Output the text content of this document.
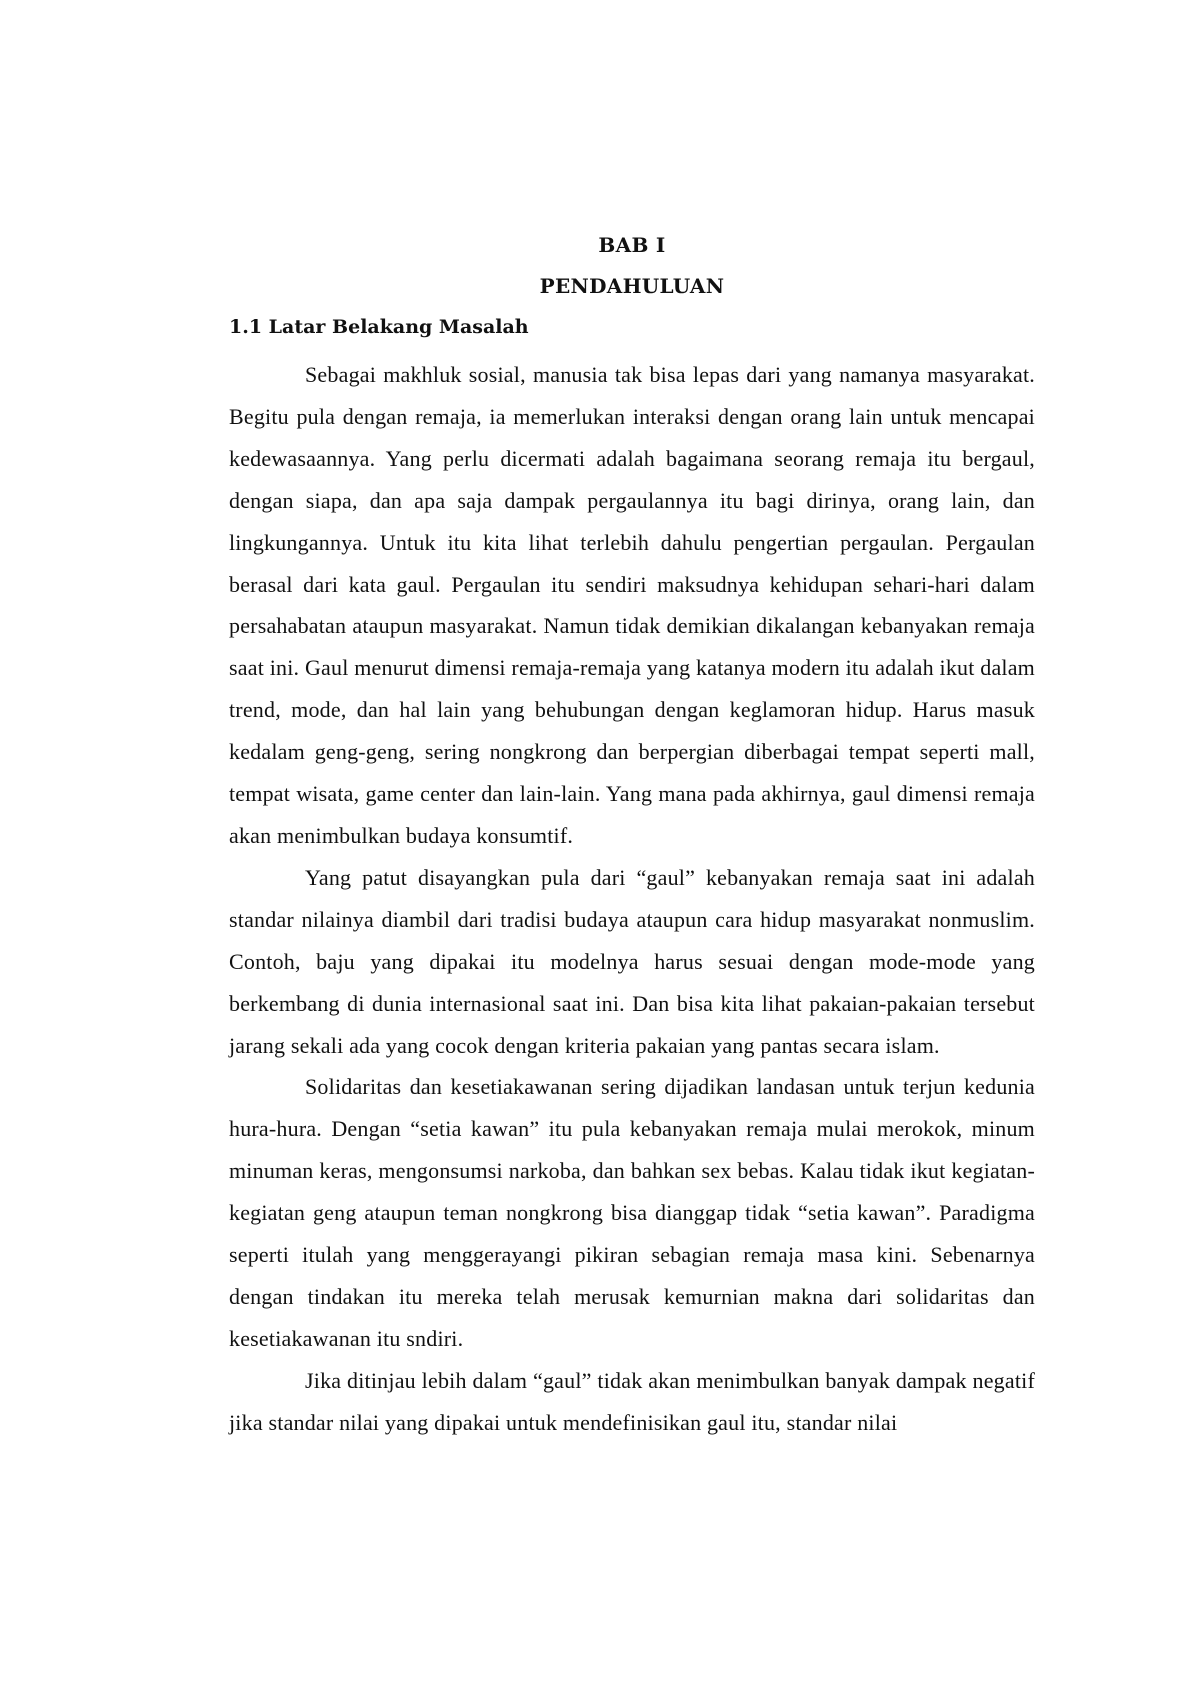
BAB I
PENDAHULUAN
1.1 Latar Belakang Masalah

Sebagai makhluk sosial, manusia tak bisa lepas dari yang namanya masyarakat. Begitu pula dengan remaja, ia memerlukan interaksi dengan orang lain untuk mencapai kedewasaannya. Yang perlu dicermati adalah bagaimana seorang remaja itu bergaul, dengan siapa, dan apa saja dampak pergaulannya itu bagi dirinya, orang lain, dan lingkungannya. Untuk itu kita lihat terlebih dahulu pengertian pergaulan. Pergaulan berasal dari kata gaul. Pergaulan itu sendiri maksudnya kehidupan sehari-hari dalam persahabatan ataupun masyarakat. Namun tidak demikian dikalangan kebanyakan remaja saat ini. Gaul menurut dimensi remaja-remaja yang katanya modern itu adalah ikut dalam trend, mode, dan hal lain yang behubungan dengan keglamoran hidup. Harus masuk kedalam geng-geng, sering nongkrong dan berpergian diberbagai tempat seperti mall, tempat wisata, game center dan lain-lain. Yang mana pada akhirnya, gaul dimensi remaja akan menimbulkan budaya konsumtif.

Yang patut disayangkan pula dari “gaul” kebanyakan remaja saat ini adalah standar nilainya diambil dari tradisi budaya ataupun cara hidup masyarakat nonmuslim. Contoh, baju yang dipakai itu modelnya harus sesuai dengan mode-mode yang berkembang di dunia internasional saat ini. Dan bisa kita lihat pakaian-pakaian tersebut jarang sekali ada yang cocok dengan kriteria pakaian yang pantas secara islam.

Solidaritas dan kesetiakawanan sering dijadikan landasan untuk terjun kedunia hura-hura. Dengan “setia kawan” itu pula kebanyakan remaja mulai merokok, minum minuman keras, mengonsumsi narkoba, dan bahkan sex bebas. Kalau tidak ikut kegiatan-kegiatan geng ataupun teman nongkrong bisa dianggap tidak “setia kawan”. Paradigma seperti itulah yang menggerayangi pikiran sebagian remaja masa kini. Sebenarnya dengan tindakan itu mereka telah merusak kemurnian makna dari solidaritas dan kesetiakawanan itu sndiri.

Jika ditinjau lebih dalam “gaul” tidak akan menimbulkan banyak dampak negatif jika standar nilai yang dipakai untuk mendefinisikan gaul itu, standar nilai
